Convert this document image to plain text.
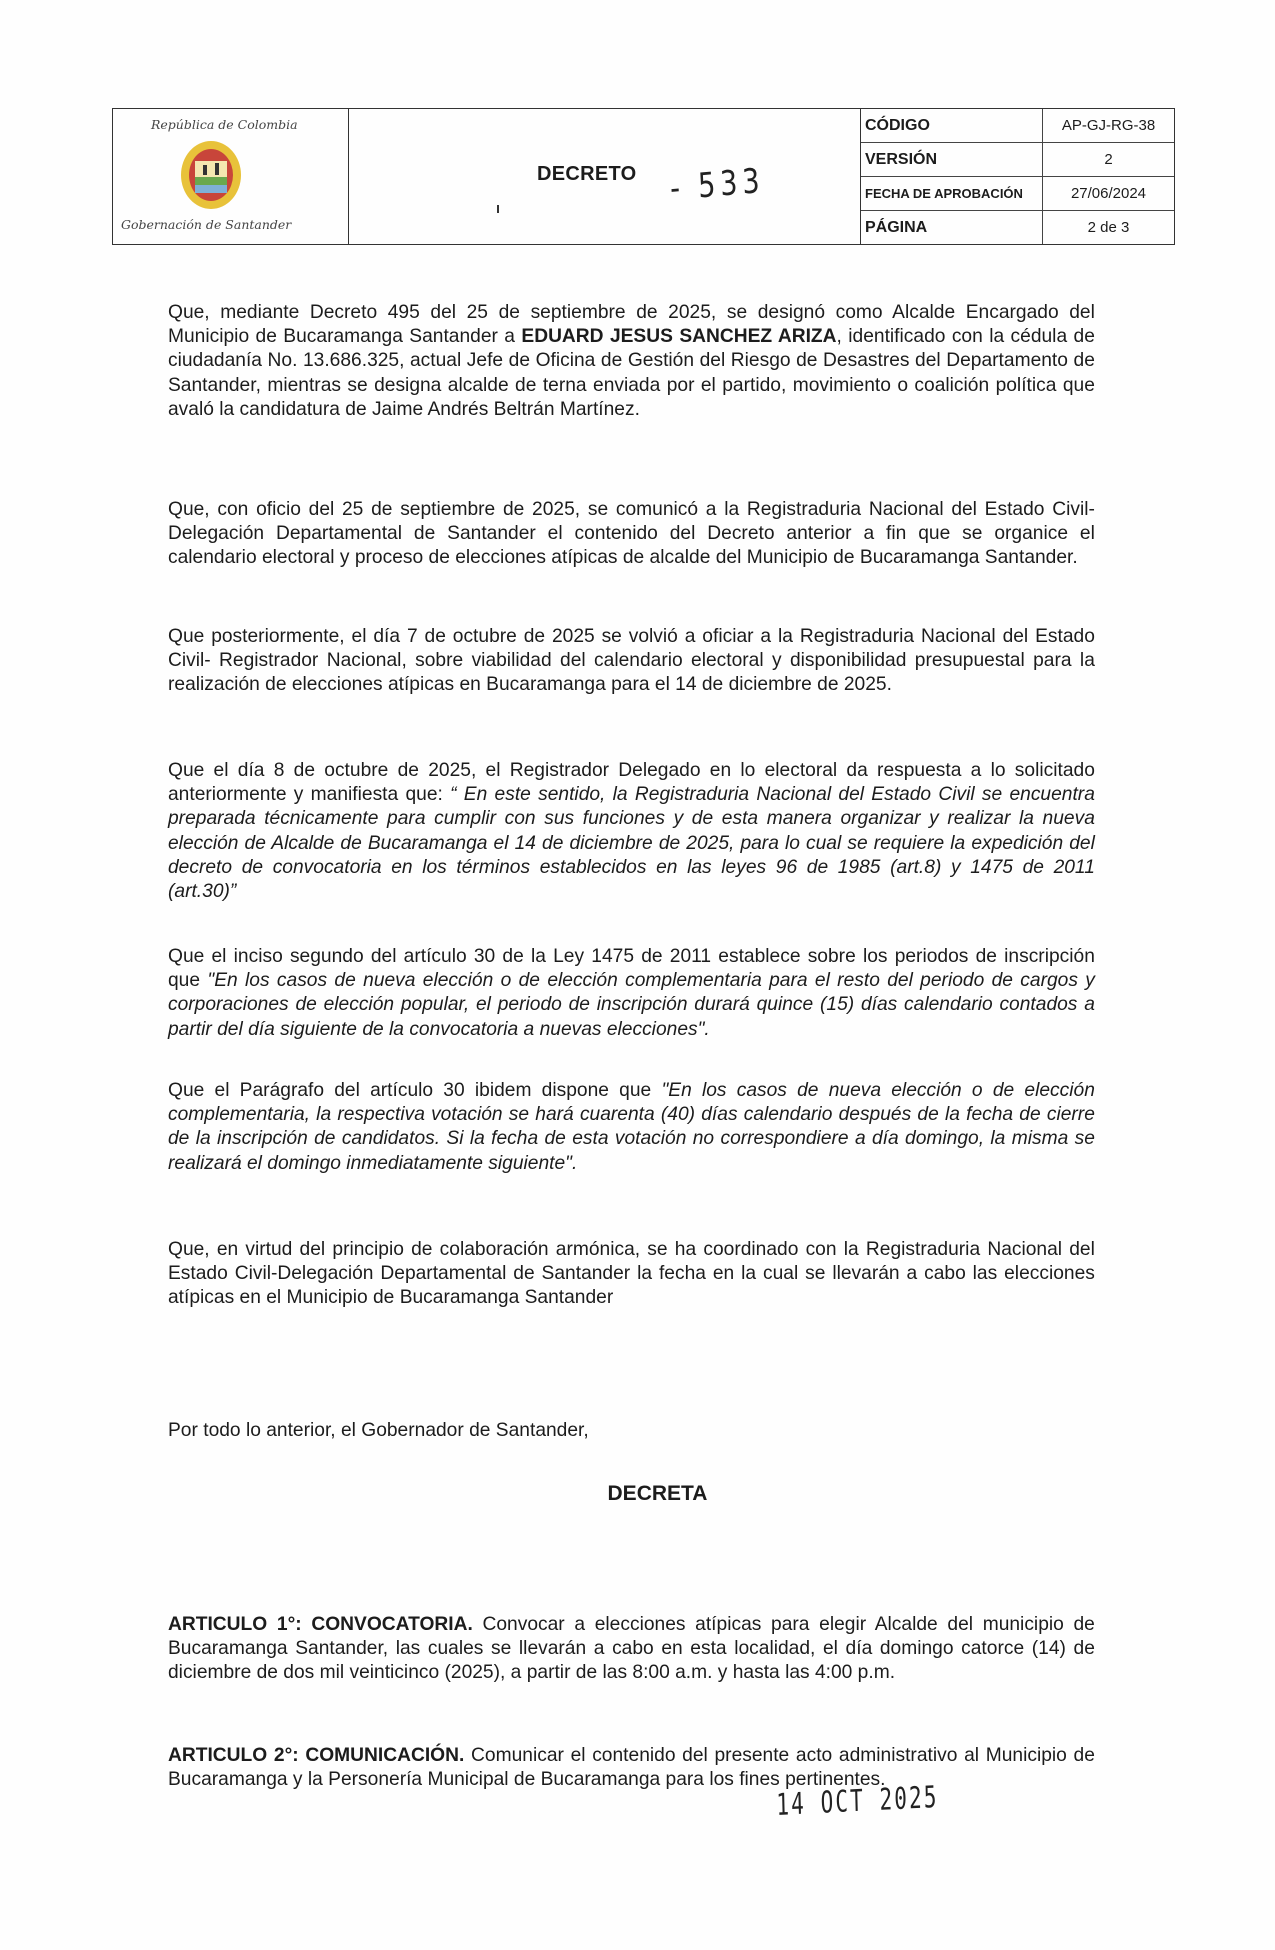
República de Colombia
Gobernación de Santander
DECRETO - 533
CÓDIGO	AP-GJ-RG-38
VERSIÓN	2
FECHA DE APROBACIÓN	27/06/2024
PÁGINA	2 de 3

Que, mediante Decreto 495 del 25 de septiembre de 2025, se designó como Alcalde Encargado del Municipio de Bucaramanga Santander a EDUARD JESUS SANCHEZ ARIZA, identificado con la cédula de ciudadanía No. 13.686.325, actual Jefe de Oficina de Gestión del Riesgo de Desastres del Departamento de Santander, mientras se designa alcalde de terna enviada por el partido, movimiento o coalición política que avaló la candidatura de Jaime Andrés Beltrán Martínez.

Que, con oficio del 25 de septiembre de 2025, se comunicó a la Registraduria Nacional del Estado Civil-Delegación Departamental de Santander el contenido del Decreto anterior a fin que se organice el calendario electoral y proceso de elecciones atípicas de alcalde del Municipio de Bucaramanga Santander.

Que posteriormente, el día 7 de octubre de 2025 se volvió a oficiar a la Registraduria Nacional del Estado Civil- Registrador Nacional, sobre viabilidad del calendario electoral y disponibilidad presupuestal para la realización de elecciones atípicas en Bucaramanga para el 14 de diciembre de 2025.

Que el día 8 de octubre de 2025, el Registrador Delegado en lo electoral da respuesta a lo solicitado anteriormente y manifiesta que: “ En este sentido, la Registraduria Nacional del Estado Civil se encuentra preparada técnicamente para cumplir con sus funciones y de esta manera organizar y realizar la nueva elección de Alcalde de Bucaramanga el 14 de diciembre de 2025, para lo cual se requiere la expedición del decreto de convocatoria en los términos establecidos en las leyes 96 de 1985 (art.8) y 1475 de 2011 (art.30)”

Que el inciso segundo del artículo 30 de la Ley 1475 de 2011 establece sobre los periodos de inscripción que "En los casos de nueva elección o de elección complementaria para el resto del periodo de cargos y corporaciones de elección popular, el periodo de inscripción durará quince (15) días calendario contados a partir del día siguiente de la convocatoria a nuevas elecciones".

Que el Parágrafo del artículo 30 ibidem dispone que "En los casos de nueva elección o de elección complementaria, la respectiva votación se hará cuarenta (40) días calendario después de la fecha de cierre de la inscripción de candidatos. Si la fecha de esta votación no correspondiere a día domingo, la misma se realizará el domingo inmediatamente siguiente".

Que, en virtud del principio de colaboración armónica, se ha coordinado con la Registraduria Nacional del Estado Civil-Delegación Departamental de Santander la fecha en la cual se llevarán a cabo las elecciones atípicas en el Municipio de Bucaramanga Santander

Por todo lo anterior, el Gobernador de Santander,

DECRETA

ARTICULO 1°: CONVOCATORIA. Convocar a elecciones atípicas para elegir Alcalde del municipio de Bucaramanga Santander, las cuales se llevarán a cabo en esta localidad, el día domingo catorce (14) de diciembre de dos mil veinticinco (2025), a partir de las 8:00 a.m. y hasta las 4:00 p.m.

ARTICULO 2°: COMUNICACIÓN. Comunicar el contenido del presente acto administrativo al Municipio de Bucaramanga y la Personería Municipal de Bucaramanga para los fines pertinentes.

14 OCT 2025
